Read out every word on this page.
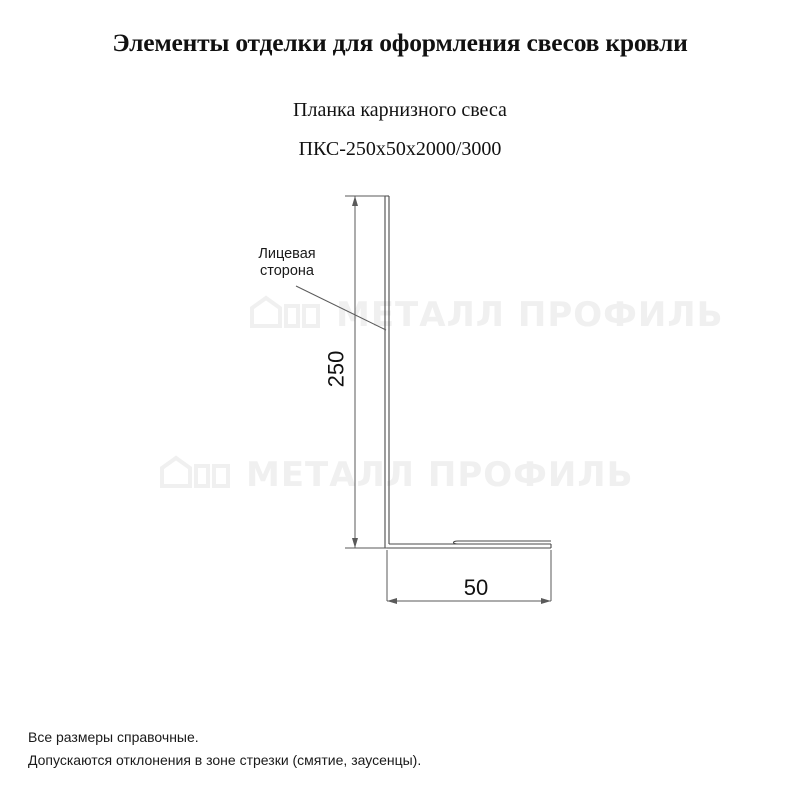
МЕТАЛЛ ПРОФИЛЬ
МЕТАЛЛ ПРОФИЛЬ
Элементы отделки для оформления свесов кровли
Планка карнизного свеса
ПКС-250x50x2000/3000
Лицевая
сторона
250
50
Все размеры справочные.
Допускаются отклонения в зоне стрезки (смятие, заусенцы).
